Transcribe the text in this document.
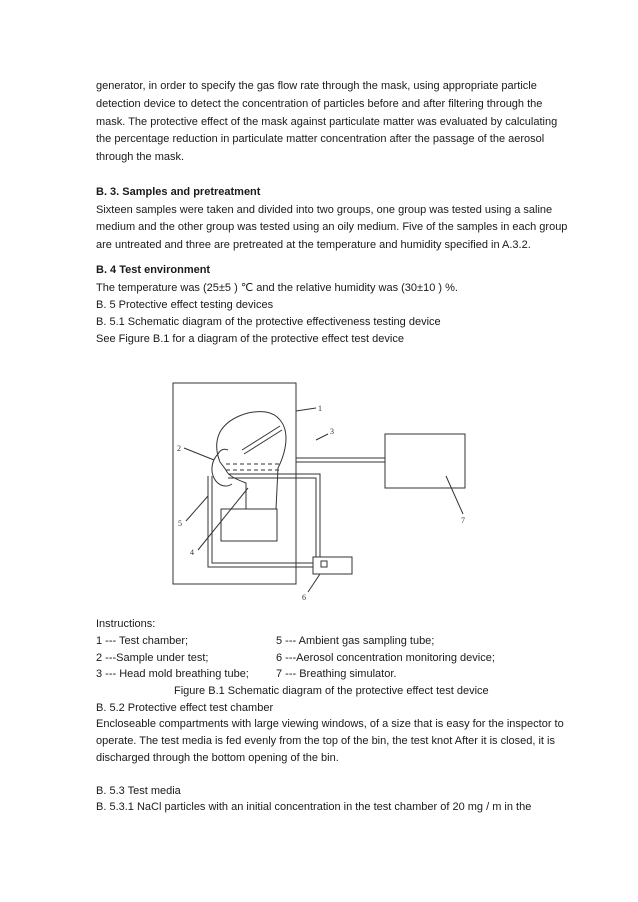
generator, in order to specify the gas flow rate through the mask, using appropriate particle
detection device to detect the concentration of particles before and after filtering through the
mask. The protective effect of the mask against particulate matter was evaluated by calculating
the percentage reduction in particulate matter concentration after the passage of the aerosol
through the mask.
B. 3. Samples and pretreatment
Sixteen samples were taken and divided into two groups, one group was tested using a saline
medium and the other group was tested using an oily medium. Five of the samples in each group
are untreated and three are pretreated at the temperature and humidity specified in A.3.2.
B. 4 Test environment
The temperature was (25±5 ) ℃ and the relative humidity was (30±10 ) %.
B. 5 Protective effect testing devices
B. 5.1 Schematic diagram of the protective effectiveness testing device
See Figure B.1 for a diagram of the protective effect test device
1
2
3
4
5
6
7
Instructions:
1 --- Test chamber;
2 ---Sample under test;
3 --- Head mold breathing tube;
5 --- Ambient gas sampling tube;
6 ---Aerosol concentration monitoring device;
7 --- Breathing simulator.
Figure B.1 Schematic diagram of the protective effect test device
B. 5.2 Protective effect test chamber
Encloseable compartments with large viewing windows, of a size that is easy for the inspector to
operate. The test media is fed evenly from the top of the bin, the test knot After it is closed, it is
discharged through the bottom opening of the bin.
B. 5.3 Test media
B. 5.3.1 NaCl particles with an initial concentration in the test chamber of 20 mg / m in the
